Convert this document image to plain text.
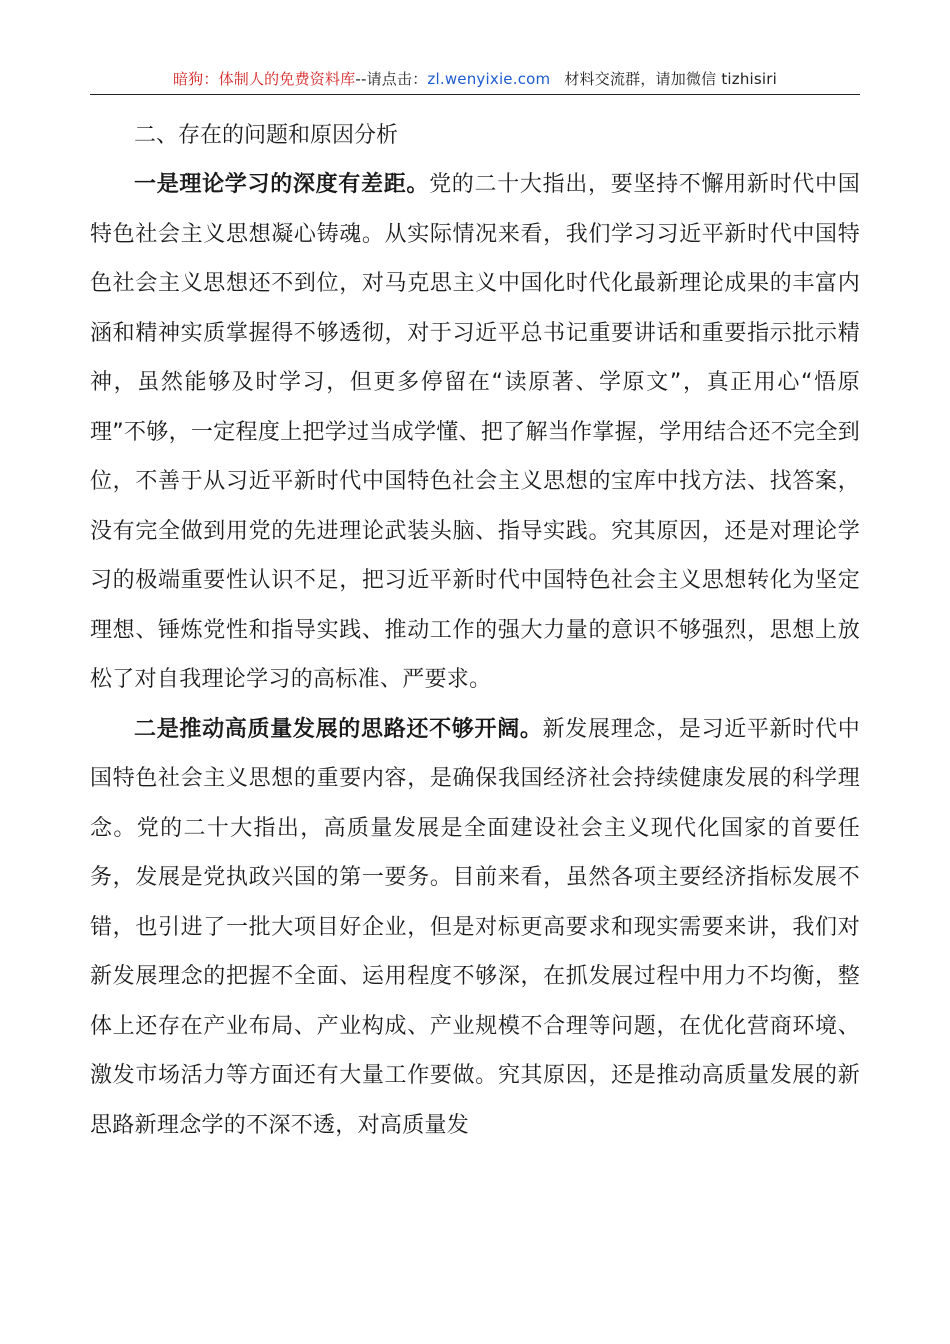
暗狗：体制人的免费资料库--请点击：zl.wenyixie.com 材料交流群，请加微信 tizhisiri

二、存在的问题和原因分析

一是理论学习的深度有差距。党的二十大指出，要坚持不懈用新时代中国特色社会主义思想凝心铸魂。从实际情况来看，我们学习习近平新时代中国特色社会主义思想还不到位，对马克思主义中国化时代化最新理论成果的丰富内涵和精神实质掌握得不够透彻，对于习近平总书记重要讲话和重要指示批示精神，虽然能够及时学习，但更多停留在“读原著、学原文”，真正用心“悟原理”不够，一定程度上把学过当成学懂、把了解当作掌握，学用结合还不完全到位，不善于从习近平新时代中国特色社会主义思想的宝库中找方法、找答案，没有完全做到用党的先进理论武装头脑、指导实践。究其原因，还是对理论学习的极端重要性认识不足，把习近平新时代中国特色社会主义思想转化为坚定理想、锤炼党性和指导实践、推动工作的强大力量的意识不够强烈，思想上放松了对自我理论学习的高标准、严要求。

二是推动高质量发展的思路还不够开阔。新发展理念，是习近平新时代中国特色社会主义思想的重要内容，是确保我国经济社会持续健康发展的科学理念。党的二十大指出，高质量发展是全面建设社会主义现代化国家的首要任务，发展是党执政兴国的第一要务。目前来看，虽然各项主要经济指标发展不错，也引进了一批大项目好企业，但是对标更高要求和现实需要来讲，我们对新发展理念的把握不全面、运用程度不够深，在抓发展过程中用力不均衡，整体上还存在产业布局、产业构成、产业规模不合理等问题，在优化营商环境、激发市场活力等方面还有大量工作要做。究其原因，还是推动高质量发展的新思路新理念学的不深不透，对高质量发
